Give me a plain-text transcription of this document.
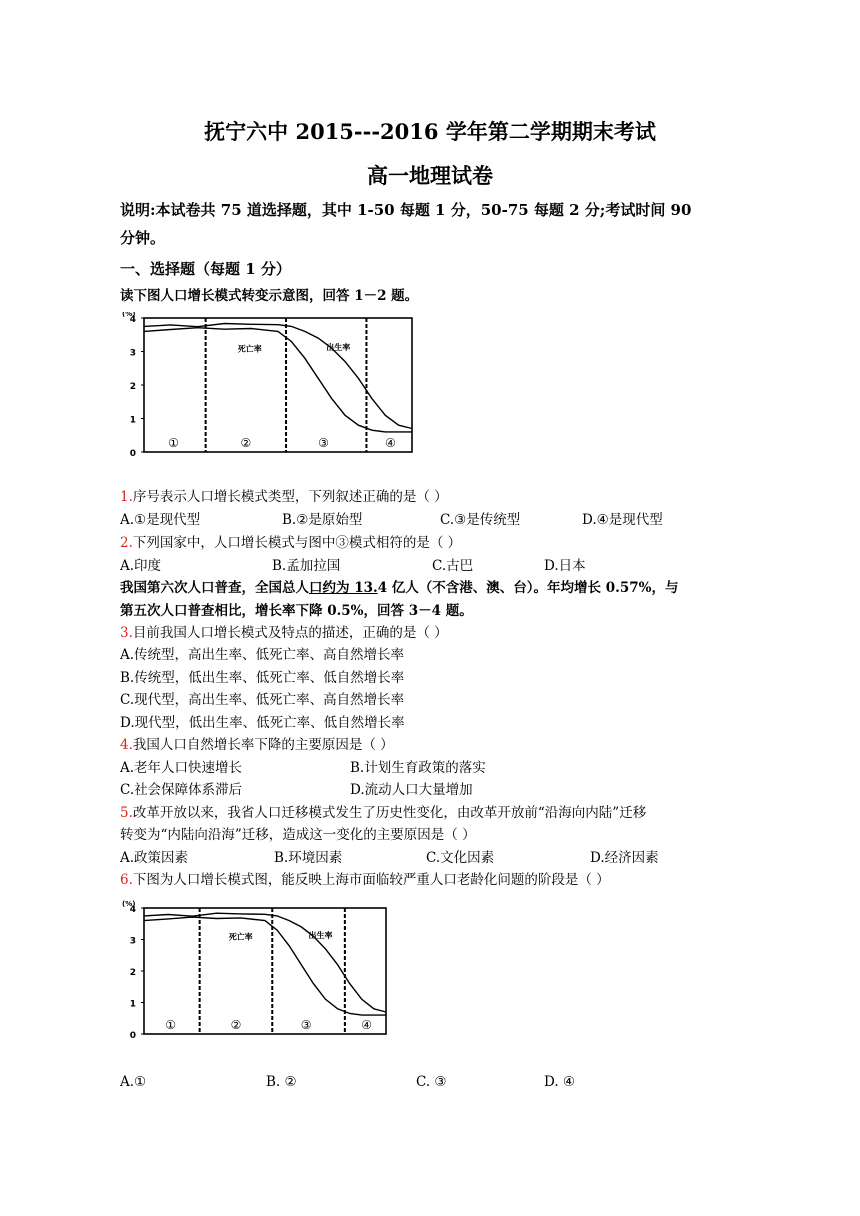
抚宁六中 2015---2016 学年第二学期期末考试
高一地理试卷
说明:本试卷共 75 道选择题，其中 1-50 每题 1 分，50-75 每题 2 分;考试时间 90
分钟。
一、选择题（每题 1 分）
读下图人口增长模式转变示意图，回答 1－2 题。
(%)
0
1
2
3
4
①	②	③	④
出生率
死亡率
1.序号表示人口增长模式类型，下列叙述正确的是（ ）
A.①是现代型	B.②是原始型	C.③是传统型	D.④是现代型
2.下列国家中，人口增长模式与图中③模式相符的是（ ）
A.印度	B.孟加拉国	C.古巴	D.日本
我国第六次人口普查，全国总人口约为 13.4 亿人（不含港、澳、台）。年均增长 0.57%，与
第五次人口普查相比，增长率下降 0.5%，回答 3－4 题。
3.目前我国人口增长模式及特点的描述，正确的是（ ）
A.传统型，高出生率、低死亡率、高自然增长率
B.传统型，低出生率、低死亡率、低自然增长率
C.现代型，高出生率、低死亡率、高自然增长率
D.现代型，低出生率、低死亡率、低自然增长率
4.我国人口自然增长率下降的主要原因是（ ）
A.老年人口快速增长	B.计划生育政策的落实
C.社会保障体系滞后	D.流动人口大量增加
5.改革开放以来，我省人口迁移模式发生了历史性变化，由改革开放前“沿海向内陆”迁移
转变为“内陆向沿海”迁移，造成这一变化的主要原因是（ ）
A.政策因素	B.环境因素	C.文化因素	D.经济因素
6.下图为人口增长模式图，能反映上海市面临较严重人口老龄化问题的阶段是（ ）
(%)
0
1
2
3
4
①	②	③	④
出生率
死亡率
A.①	B. ②	C. ③	D. ④
